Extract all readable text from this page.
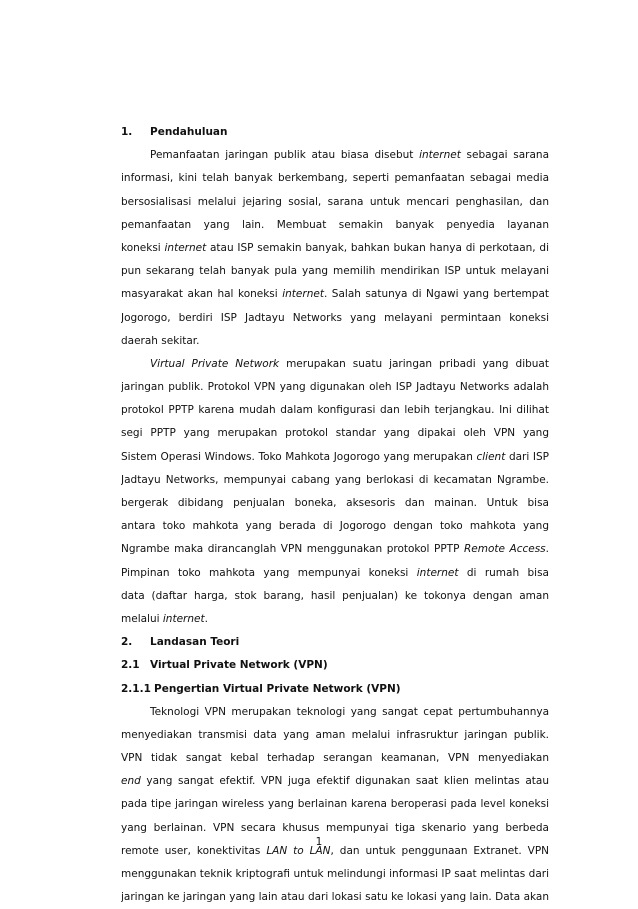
1. Pendahuluan
Pemanfaatan jaringan publik atau biasa disebut internet sebagai sarana
informasi, kini telah banyak berkembang, seperti pemanfaatan sebagai media
bersosialisasi melalui jejaring sosial, sarana untuk mencari penghasilan, dan
pemanfaatan yang lain. Membuat semakin banyak penyedia layanan
koneksi internet atau ISP semakin banyak, bahkan bukan hanya di perkotaan, di
pun sekarang telah banyak pula yang memilih mendirikan ISP untuk melayani
masyarakat akan hal koneksi internet. Salah satunya di Ngawi yang bertempat
Jogorogo, berdiri ISP Jadtayu Networks yang melayani permintaan koneksi
daerah sekitar.
Virtual Private Network merupakan suatu jaringan pribadi yang dibuat
jaringan publik. Protokol VPN yang digunakan oleh ISP Jadtayu Networks adalah
protokol PPTP karena mudah dalam konfigurasi dan lebih terjangkau. Ini dilihat
segi PPTP yang merupakan protokol standar yang dipakai oleh VPN yang
Sistem Operasi Windows. Toko Mahkota Jogorogo yang merupakan client dari ISP
Jadtayu Networks, mempunyai cabang yang berlokasi di kecamatan Ngrambe.
bergerak dibidang penjualan boneka, aksesoris dan mainan. Untuk bisa
antara toko mahkota yang berada di Jogorogo dengan toko mahkota yang
Ngrambe maka dirancanglah VPN menggunakan protokol PPTP Remote Access.
Pimpinan toko mahkota yang mempunyai koneksi internet di rumah bisa
data (daftar harga, stok barang, hasil penjualan) ke tokonya dengan aman
melalui internet.
2. Landasan Teori
2.1 Virtual Private Network (VPN)
2.1.1 Pengertian Virtual Private Network (VPN)
Teknologi VPN merupakan teknologi yang sangat cepat pertumbuhannya
menyediakan transmisi data yang aman melalui infrasruktur jaringan publik.
VPN tidak sangat kebal terhadap serangan keamanan, VPN menyediakan
end yang sangat efektif. VPN juga efektif digunakan saat klien melintas atau
pada tipe jaringan wireless yang berlainan karena beroperasi pada level koneksi
yang berlainan. VPN secara khusus mempunyai tiga skenario yang berbeda
remote user, konektivitas LAN to LAN, dan untuk penggunaan Extranet. VPN
menggunakan teknik kriptografi untuk melindungi informasi IP saat melintas dari
jaringan ke jaringan yang lain atau dari lokasi satu ke lokasi yang lain. Data akan
1
